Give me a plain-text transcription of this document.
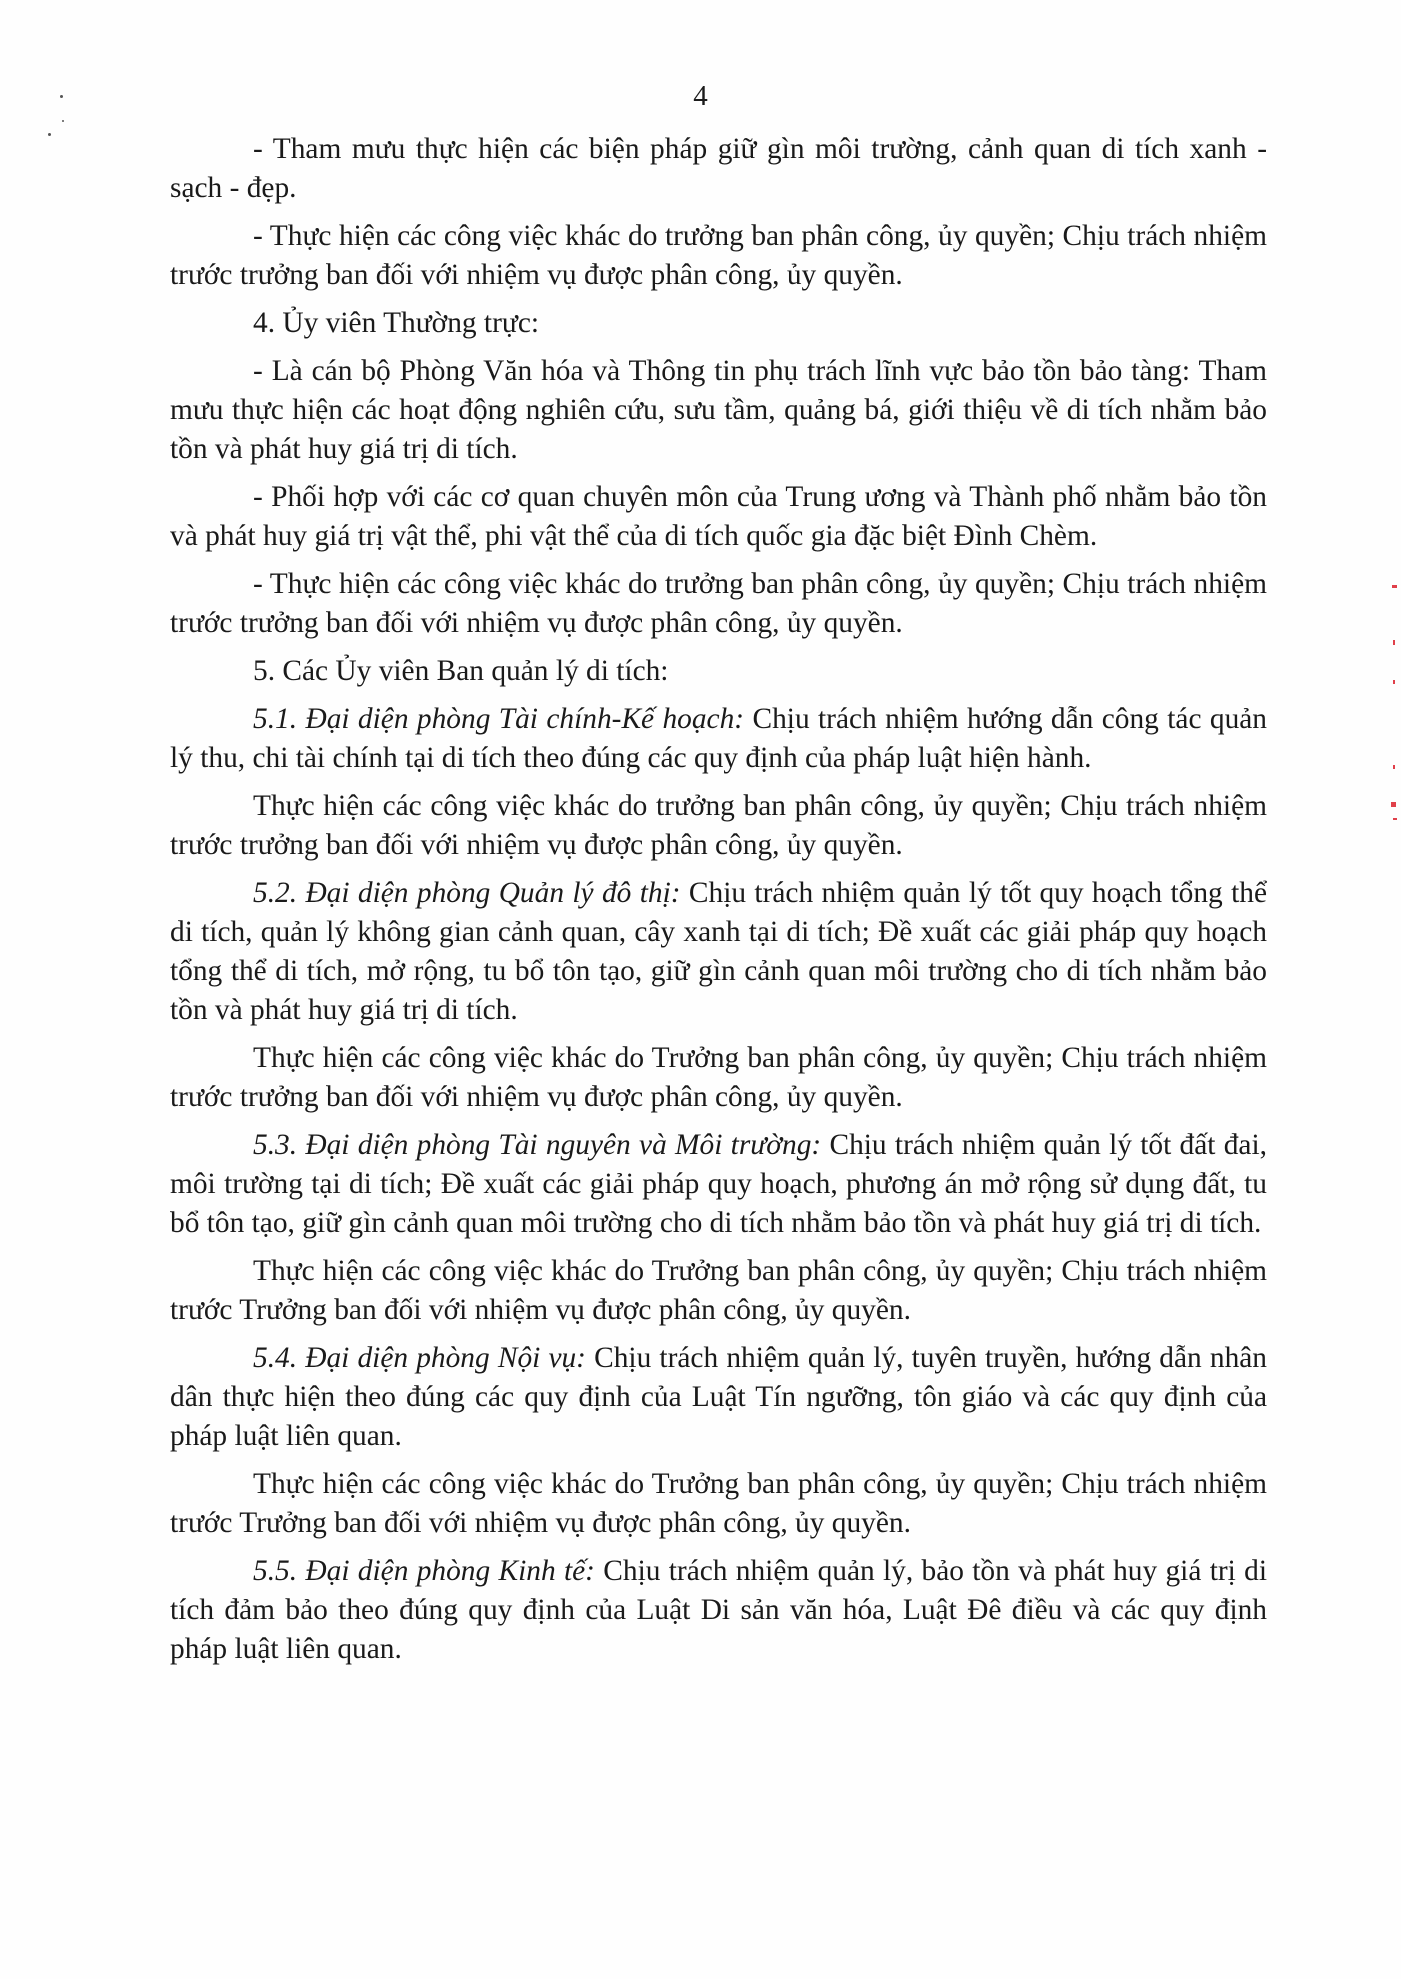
4

- Tham mưu thực hiện các biện pháp giữ gìn môi trường, cảnh quan di tích xanh - sạch - đẹp.

- Thực hiện các công việc khác do trưởng ban phân công, ủy quyền; Chịu trách nhiệm trước trưởng ban đối với nhiệm vụ được phân công, ủy quyền.

4. Ủy viên Thường trực:

- Là cán bộ Phòng Văn hóa và Thông tin phụ trách lĩnh vực bảo tồn bảo tàng: Tham mưu thực hiện các hoạt động nghiên cứu, sưu tầm, quảng bá, giới thiệu về di tích nhằm bảo tồn và phát huy giá trị di tích.

- Phối hợp với các cơ quan chuyên môn của Trung ương và Thành phố nhằm bảo tồn và phát huy giá trị vật thể, phi vật thể của di tích quốc gia đặc biệt Đình Chèm.

- Thực hiện các công việc khác do trưởng ban phân công, ủy quyền; Chịu trách nhiệm trước trưởng ban đối với nhiệm vụ được phân công, ủy quyền.

5. Các Ủy viên Ban quản lý di tích:

5.1. Đại diện phòng Tài chính-Kế hoạch: Chịu trách nhiệm hướng dẫn công tác quản lý thu, chi tài chính tại di tích theo đúng các quy định của pháp luật hiện hành.

Thực hiện các công việc khác do trưởng ban phân công, ủy quyền; Chịu trách nhiệm trước trưởng ban đối với nhiệm vụ được phân công, ủy quyền.

5.2. Đại diện phòng Quản lý đô thị: Chịu trách nhiệm quản lý tốt quy hoạch tổng thể di tích, quản lý không gian cảnh quan, cây xanh tại di tích; Đề xuất các giải pháp quy hoạch tổng thể di tích, mở rộng, tu bổ tôn tạo, giữ gìn cảnh quan môi trường cho di tích nhằm bảo tồn và phát huy giá trị di tích.

Thực hiện các công việc khác do Trưởng ban phân công, ủy quyền; Chịu trách nhiệm trước trưởng ban đối với nhiệm vụ được phân công, ủy quyền.

5.3. Đại diện phòng Tài nguyên và Môi trường: Chịu trách nhiệm quản lý tốt đất đai, môi trường tại di tích; Đề xuất các giải pháp quy hoạch, phương án mở rộng sử dụng đất, tu bổ tôn tạo, giữ gìn cảnh quan môi trường cho di tích nhằm bảo tồn và phát huy giá trị di tích.

Thực hiện các công việc khác do Trưởng ban phân công, ủy quyền; Chịu trách nhiệm trước Trưởng ban đối với nhiệm vụ được phân công, ủy quyền.

5.4. Đại diện phòng Nội vụ: Chịu trách nhiệm quản lý, tuyên truyền, hướng dẫn nhân dân thực hiện theo đúng các quy định của Luật Tín ngưỡng, tôn giáo và các quy định của pháp luật liên quan.

Thực hiện các công việc khác do Trưởng ban phân công, ủy quyền; Chịu trách nhiệm trước Trưởng ban đối với nhiệm vụ được phân công, ủy quyền.

5.5. Đại diện phòng Kinh tế: Chịu trách nhiệm quản lý, bảo tồn và phát huy giá trị di tích đảm bảo theo đúng quy định của Luật Di sản văn hóa, Luật Đê điều và các quy định pháp luật liên quan.
